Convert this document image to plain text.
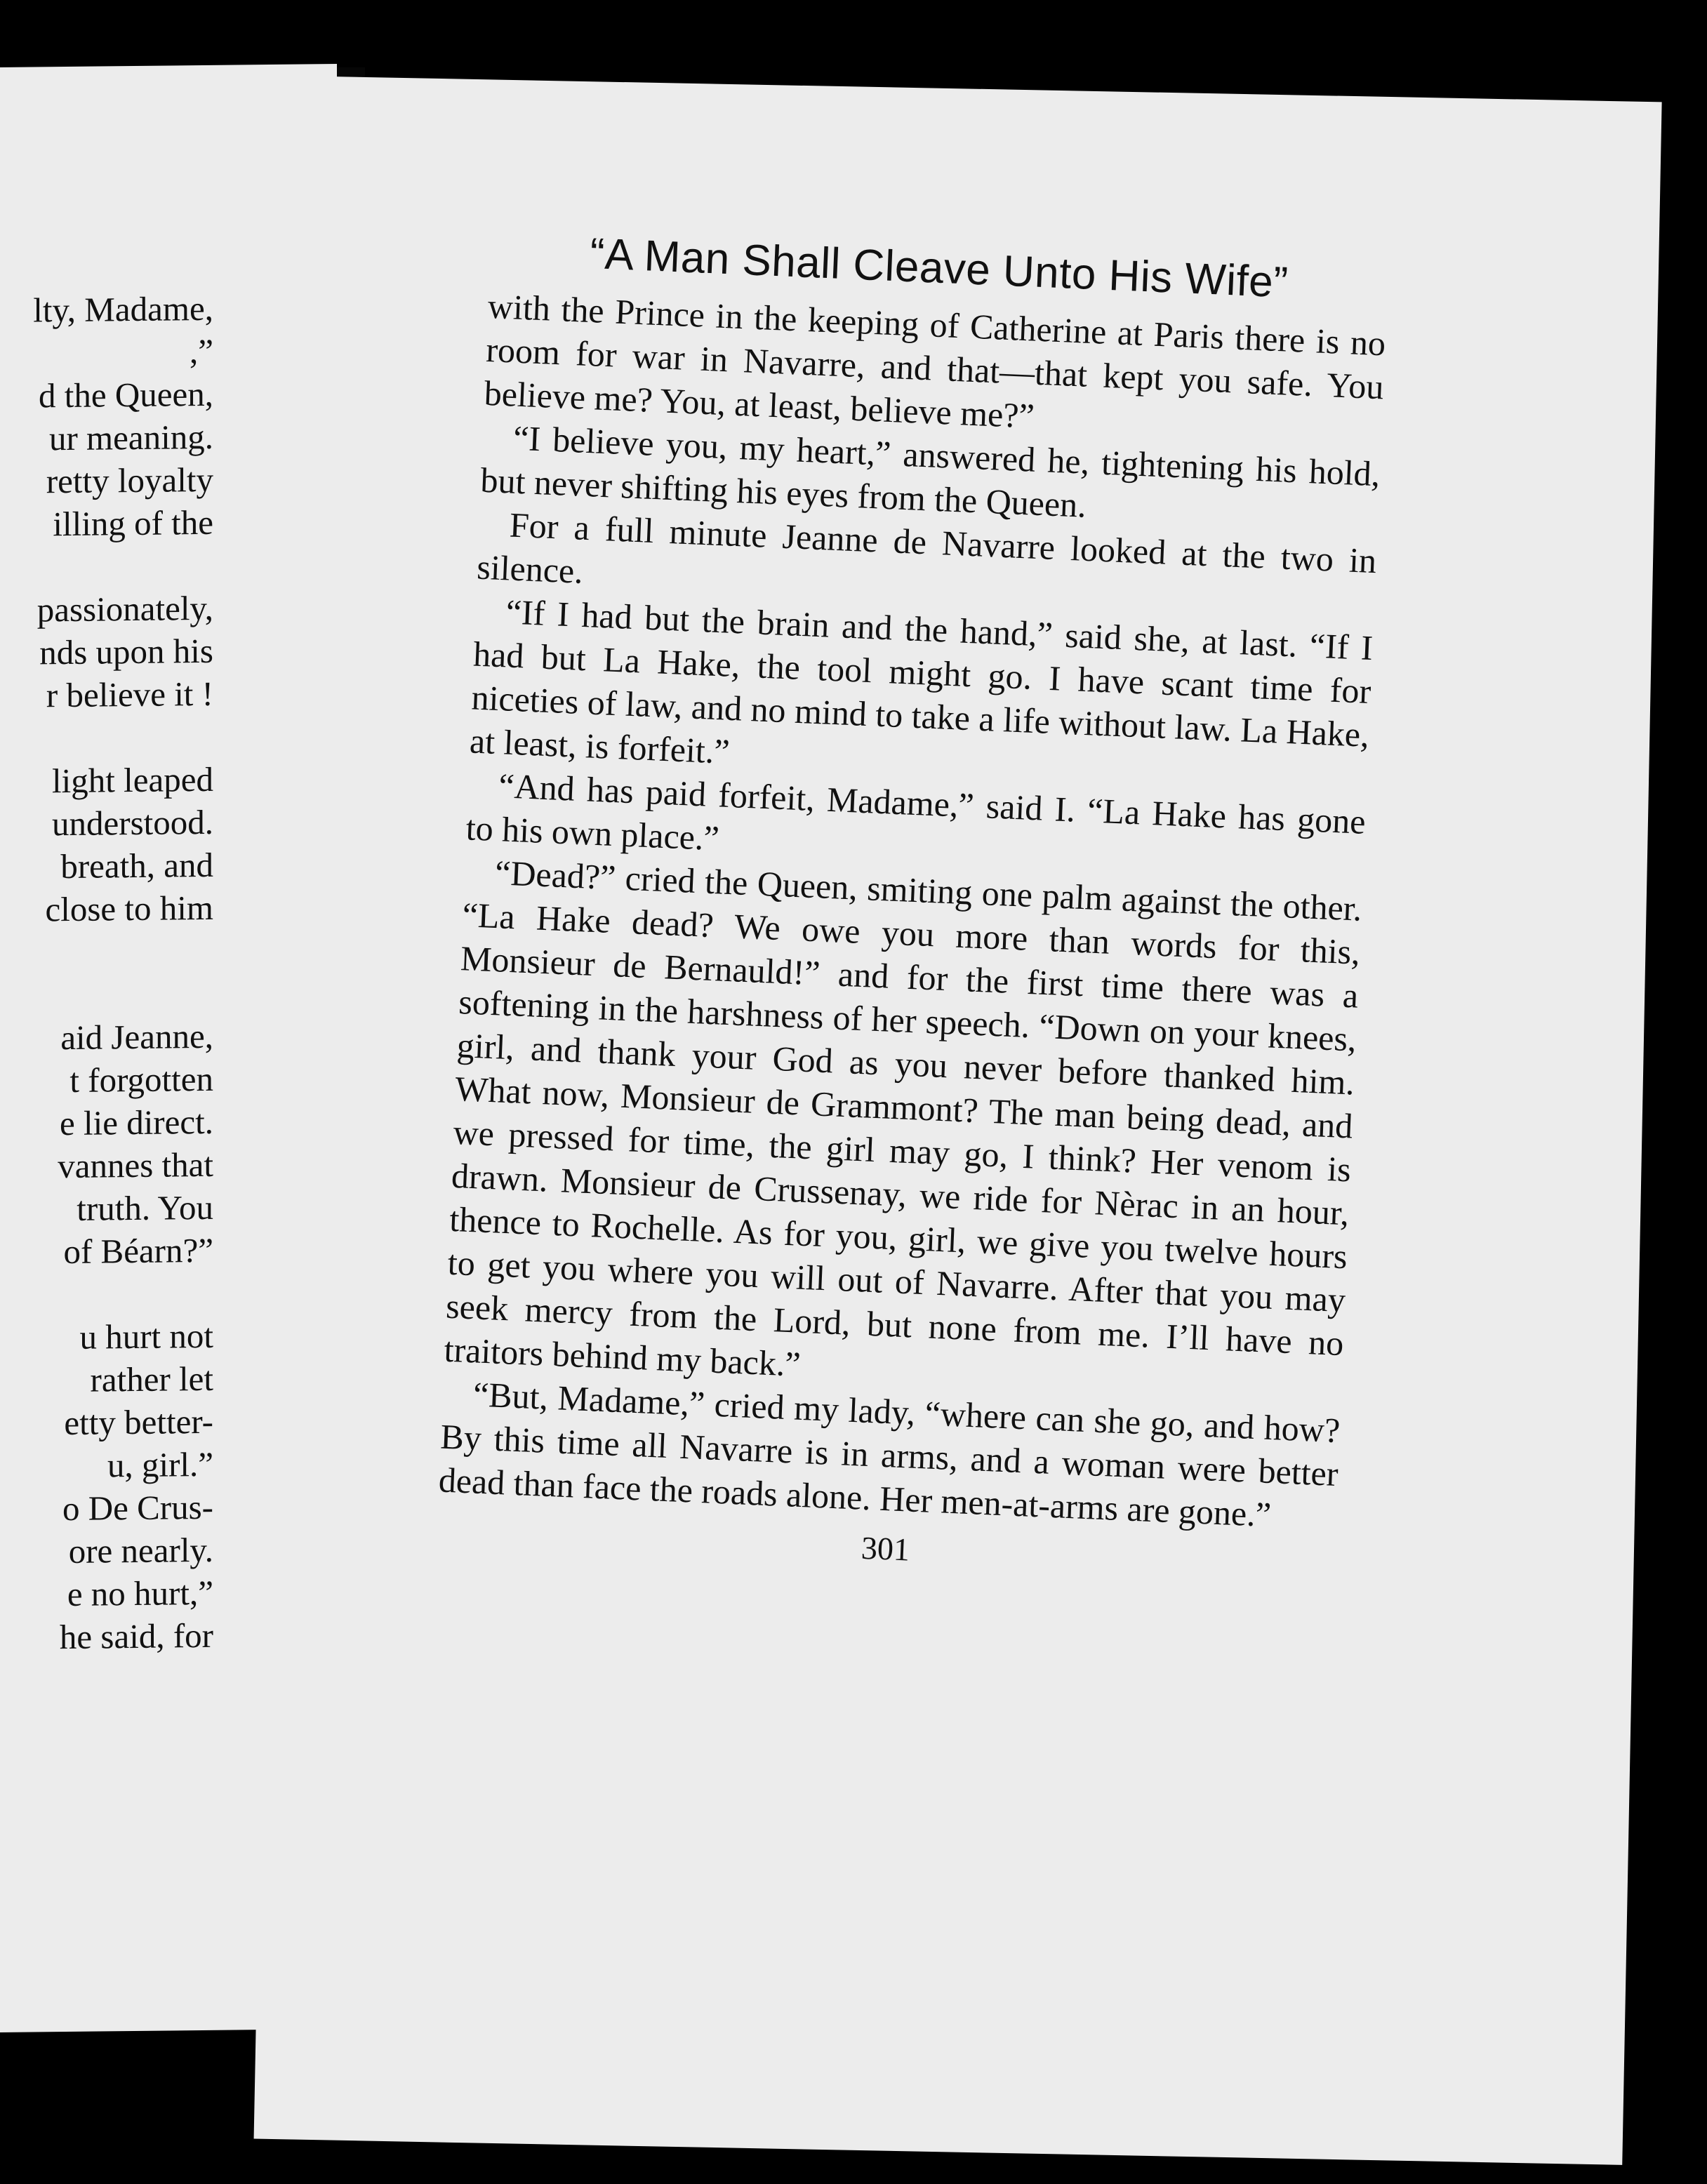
lty, Madame,
,”
d the Queen,
ur meaning.
retty loyalty
illing of the
passionately,
nds upon his
r believe it !
light leaped
understood.
breath, and
close to him
aid Jeanne,
t forgotten
e lie direct.
vannes that
truth. You
of Béarn?”
u hurt not
rather let
etty better-
u, girl.”
o De Crus-
ore nearly.
e no hurt,”
he said, for
“A Man Shall Cleave Unto His Wife”

with the Prince in the keeping of Catherine at Paris there is no room for war in Navarre, and that—that kept you safe. You believe me? You, at least, believe me?”

“I believe you, my heart,” answered he, tightening his hold, but never shifting his eyes from the Queen.

For a full minute Jeanne de Navarre looked at the two in silence.

“If I had but the brain and the hand,” said she, at last. “If I had but La Hake, the tool might go. I have scant time for niceties of law, and no mind to take a life without law. La Hake, at least, is forfeit.”

“And has paid forfeit, Madame,” said I. “La Hake has gone to his own place.”

“Dead?” cried the Queen, smiting one palm against the other. “La Hake dead? We owe you more than words for this, Monsieur de Bernauld!” and for the first time there was a softening in the harshness of her speech. “Down on your knees, girl, and thank your God as you never before thanked him. What now, Monsieur de Grammont? The man being dead, and we pressed for time, the girl may go, I think? Her venom is drawn. Monsieur de Crussenay, we ride for Nèrac in an hour, thence to Rochelle. As for you, girl, we give you twelve hours to get you where you will out of Navarre. After that you may seek mercy from the Lord, but none from me. I’ll have no traitors behind my back.”

“But, Madame,” cried my lady, “where can she go, and how? By this time all Navarre is in arms, and a woman were better dead than face the roads alone. Her men-at-arms are gone.”

301
